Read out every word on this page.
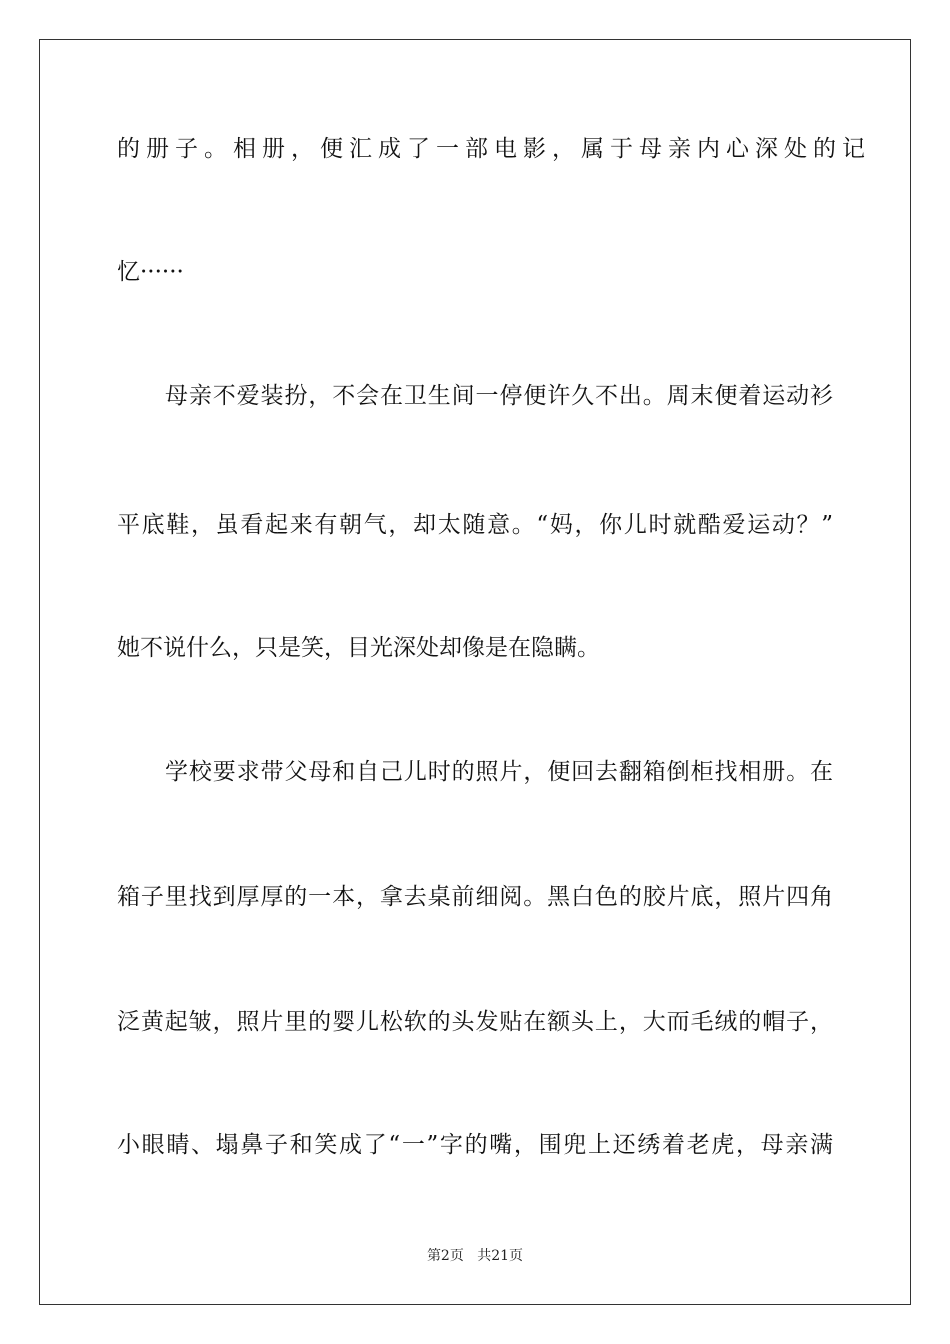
的册子。相册，便汇成了一部电影，属于母亲内心深处的记
忆······
母亲不爱装扮，不会在卫生间一停便许久不出。周末便着运动衫
平底鞋，虽看起来有朝气，却太随意。“妈，你儿时就酷爱运动？”
她不说什么，只是笑，目光深处却像是在隐瞒。
学校要求带父母和自己儿时的照片，便回去翻箱倒柜找相册。在
箱子里找到厚厚的一本，拿去桌前细阅。黑白色的胶片底，照片四角
泛黄起皱，照片里的婴儿松软的头发贴在额头上，大而毛绒的帽子，
小眼睛、塌鼻子和笑成了“一”字的嘴，围兜上还绣着老虎，母亲满
第2页 共21页
